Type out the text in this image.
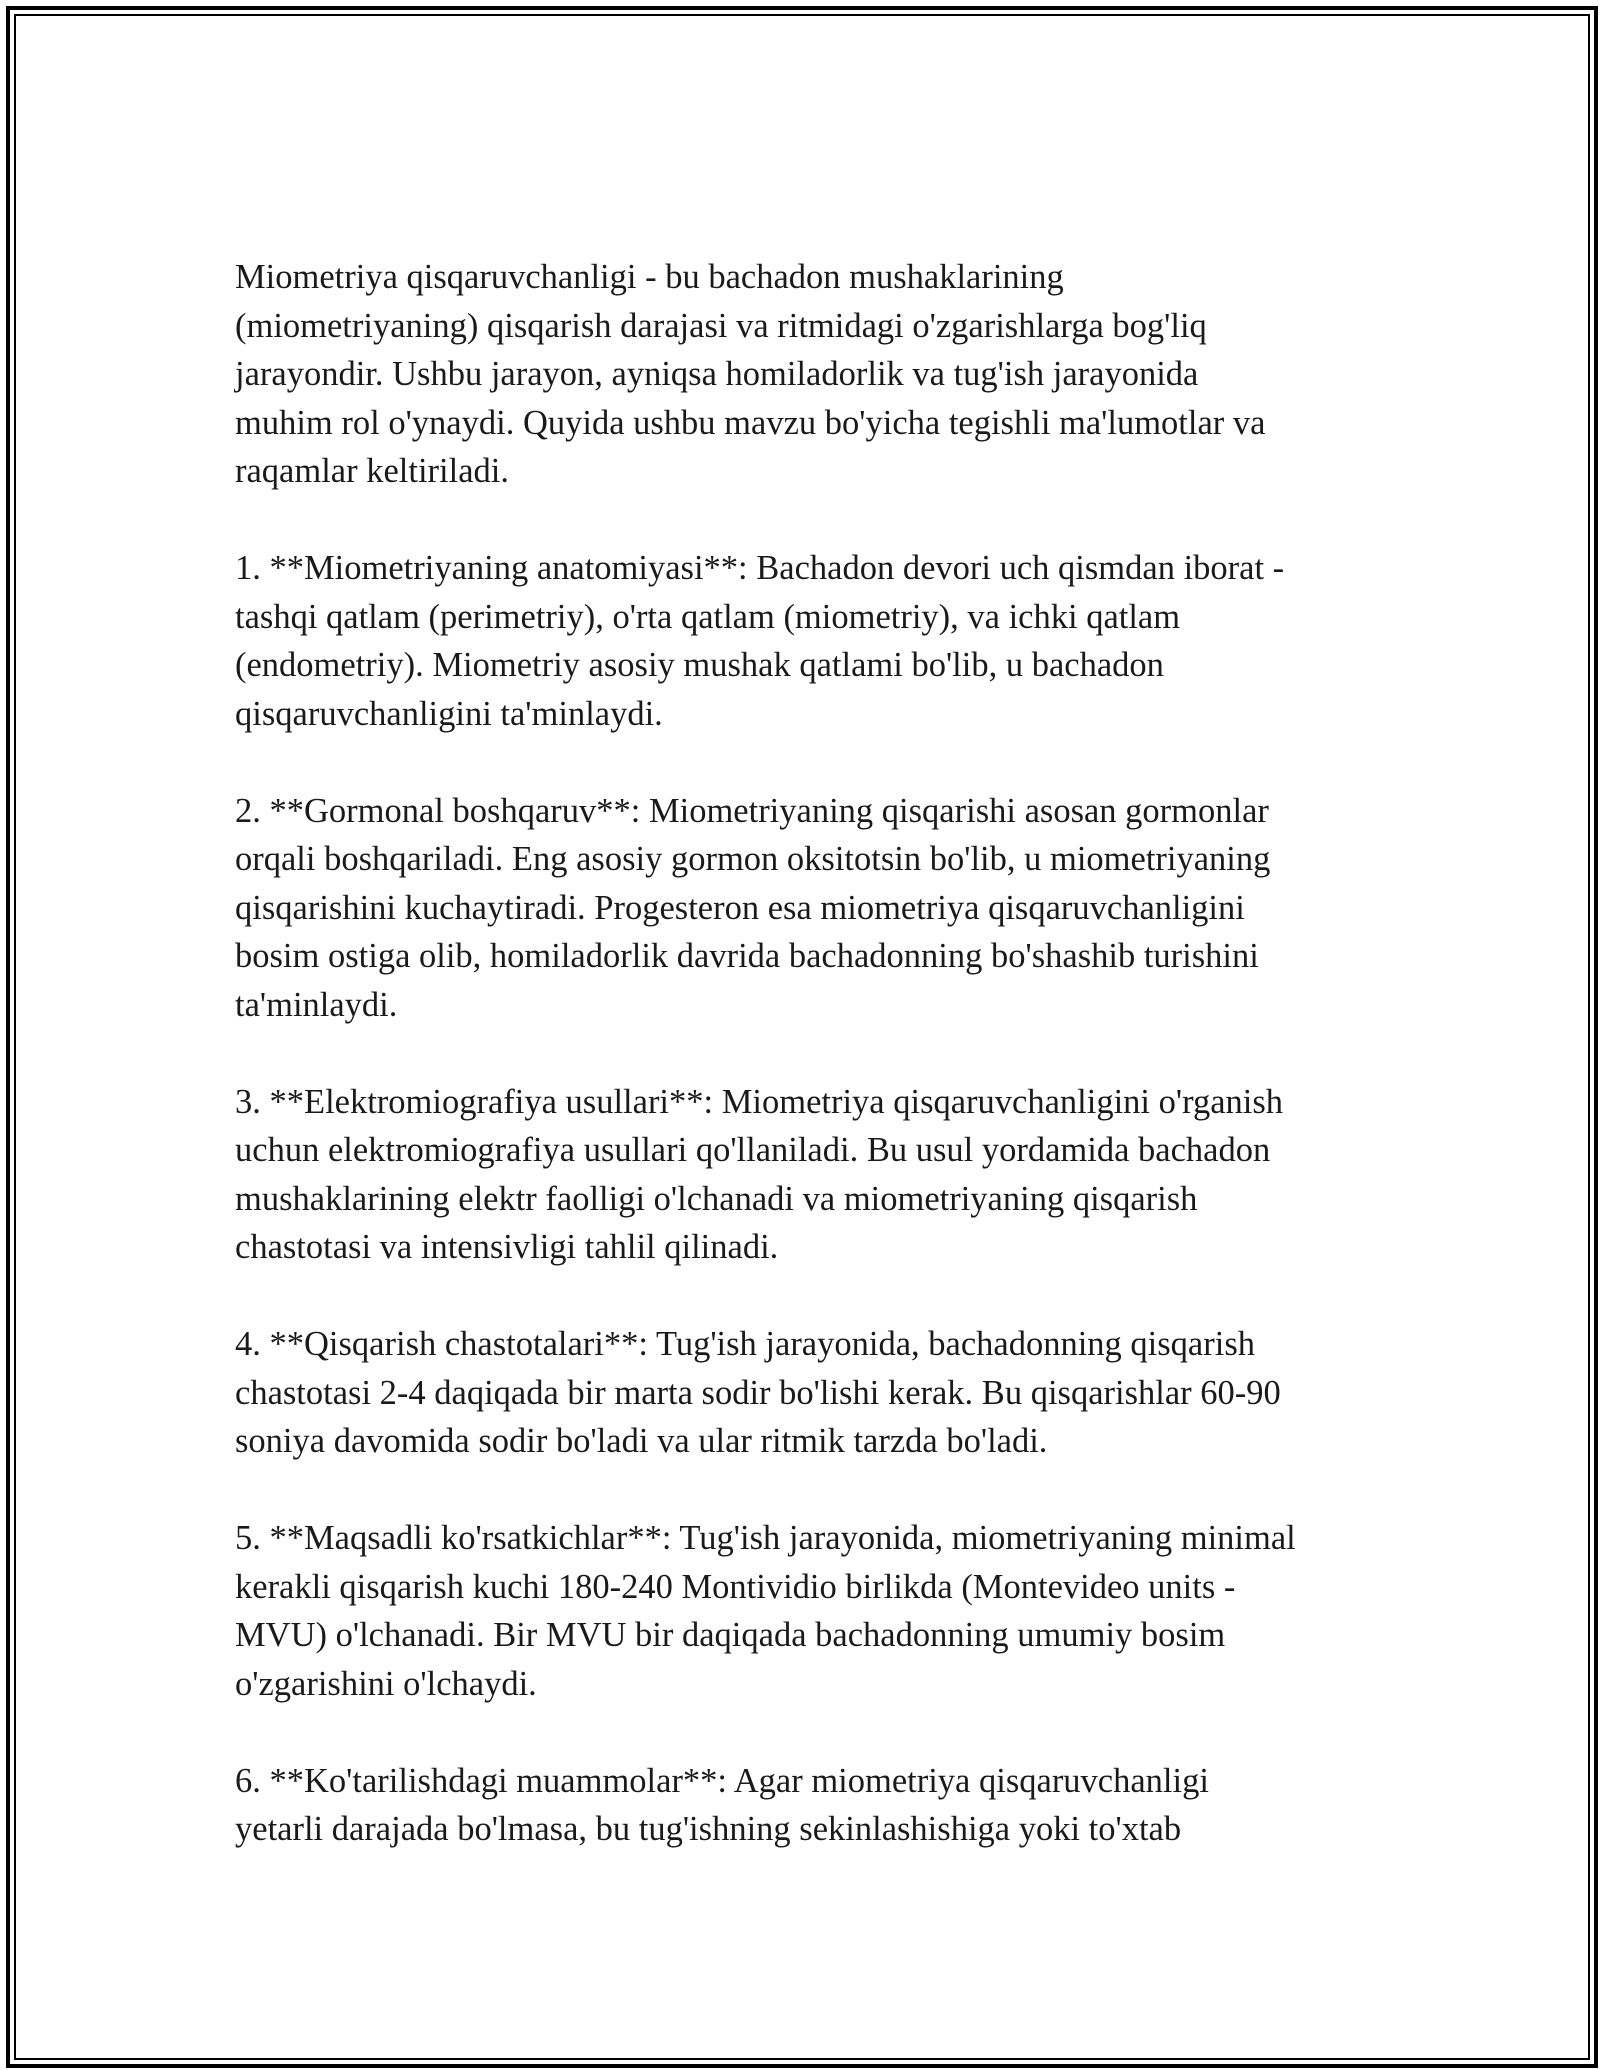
Miometriya qisqaruvchanligi - bu bachadon mushaklarining
(miometriyaning) qisqarish darajasi va ritmidagi o'zgarishlarga bog'liq
jarayondir. Ushbu jarayon, ayniqsa homiladorlik va tug'ish jarayonida
muhim rol o'ynaydi. Quyida ushbu mavzu bo'yicha tegishli ma'lumotlar va
raqamlar keltiriladi.

1. **Miometriyaning anatomiyasi**: Bachadon devori uch qismdan iborat -
tashqi qatlam (perimetriy), o'rta qatlam (miometriy), va ichki qatlam
(endometriy). Miometriy asosiy mushak qatlami bo'lib, u bachadon
qisqaruvchanligini ta'minlaydi.

2. **Gormonal boshqaruv**: Miometriyaning qisqarishi asosan gormonlar
orqali boshqariladi. Eng asosiy gormon oksitotsin bo'lib, u miometriyaning
qisqarishini kuchaytiradi. Progesteron esa miometriya qisqaruvchanligini
bosim ostiga olib, homiladorlik davrida bachadonning bo'shashib turishini
ta'minlaydi.

3. **Elektromiografiya usullari**: Miometriya qisqaruvchanligini o'rganish
uchun elektromiografiya usullari qo'llaniladi. Bu usul yordamida bachadon
mushaklarining elektr faolligi o'lchanadi va miometriyaning qisqarish
chastotasi va intensivligi tahlil qilinadi.

4. **Qisqarish chastotalari**: Tug'ish jarayonida, bachadonning qisqarish
chastotasi 2-4 daqiqada bir marta sodir bo'lishi kerak. Bu qisqarishlar 60-90
soniya davomida sodir bo'ladi va ular ritmik tarzda bo'ladi.

5. **Maqsadli ko'rsatkichlar**: Tug'ish jarayonida, miometriyaning minimal
kerakli qisqarish kuchi 180-240 Montividio birlikda (Montevideo units -
MVU) o'lchanadi. Bir MVU bir daqiqada bachadonning umumiy bosim
o'zgarishini o'lchaydi.

6. **Ko'tarilishdagi muammolar**: Agar miometriya qisqaruvchanligi
yetarli darajada bo'lmasa, bu tug'ishning sekinlashishiga yoki to'xtab
